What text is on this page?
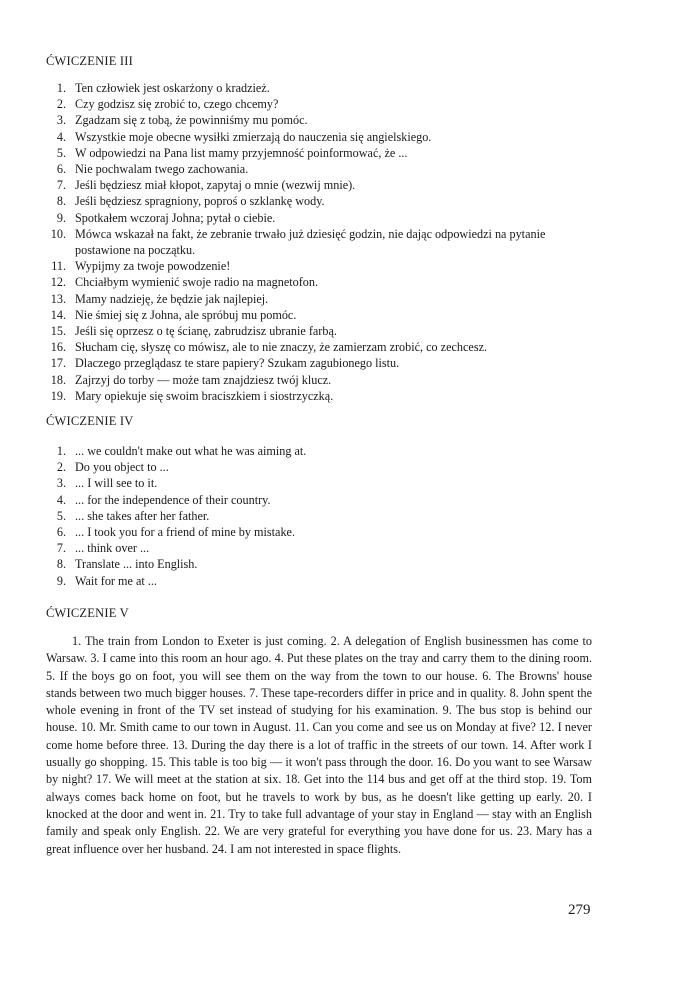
ĆWICZENIE III
1. Ten człowiek jest oskarżony o kradzież.
2. Czy godzisz się zrobić to, czego chcemy?
3. Zgadzam się z tobą, że powinniśmy mu pomóc.
4. Wszystkie moje obecne wysiłki zmierzają do nauczenia się angielskiego.
5. W odpowiedzi na Pana list mamy przyjemność poinformować, że ...
6. Nie pochwalam twego zachowania.
7. Jeśli będziesz miał kłopot, zapytaj o mnie (wezwij mnie).
8. Jeśli będziesz spragniony, poproś o szklankę wody.
9. Spotkałem wczoraj Johna; pytał o ciebie.
10. Mówca wskazał na fakt, że zebranie trwało już dziesięć godzin, nie dając odpowiedzi na pytanie postawione na początku.
11. Wypijmy za twoje powodzenie!
12. Chciałbym wymienić swoje radio na magnetofon.
13. Mamy nadzieję, że będzie jak najlepiej.
14. Nie śmiej się z Johna, ale spróbuj mu pomóc.
15. Jeśli się oprzesz o tę ścianę, zabrudzisz ubranie farbą.
16. Słucham cię, słyszę co mówisz, ale to nie znaczy, że zamierzam zrobić, co zechcesz.
17. Dlaczego przeglądasz te stare papiery? Szukam zagubionego listu.
18. Zajrzyj do torby — może tam znajdziesz twój klucz.
19. Mary opiekuje się swoim braciszkiem i siostrzyczką.
ĆWICZENIE IV
1. ... we couldn't make out what he was aiming at.
2. Do you object to ...
3. ... I will see to it.
4. ... for the independence of their country.
5. ... she takes after her father.
6. ... I took you for a friend of mine by mistake.
7. ... think over ...
8. Translate ... into English.
9. Wait for me at ...
ĆWICZENIE V

1. The train from London to Exeter is just coming. 2. A delegation of English businessmen has come to Warsaw. 3. I came into this room an hour ago. 4. Put these plates on the tray and carry them to the dining room. 5. If the boys go on foot, you will see them on the way from the town to our house. 6. The Browns' house stands between two much bigger houses. 7. These tape-recorders differ in price and in quality. 8. John spent the whole evening in front of the TV set instead of studying for his examination. 9. The bus stop is behind our house. 10. Mr. Smith came to our town in August. 11. Can you come and see us on Monday at five? 12. I never come home before three. 13. During the day there is a lot of traffic in the streets of our town. 14. After work I usually go shopping. 15. This table is too big — it won't pass through the door. 16. Do you want to see Warsaw by night? 17. We will meet at the station at six. 18. Get into the 114 bus and get off at the third stop. 19. Tom always comes back home on foot, but he travels to work by bus, as he doesn't like getting up early. 20. I knocked at the door and went in. 21. Try to take full advantage of your stay in England — stay with an English family and speak only English. 22. We are very grateful for everything you have done for us. 23. Mary has a great influence over her husband. 24. I am not interested in space flights.

279
